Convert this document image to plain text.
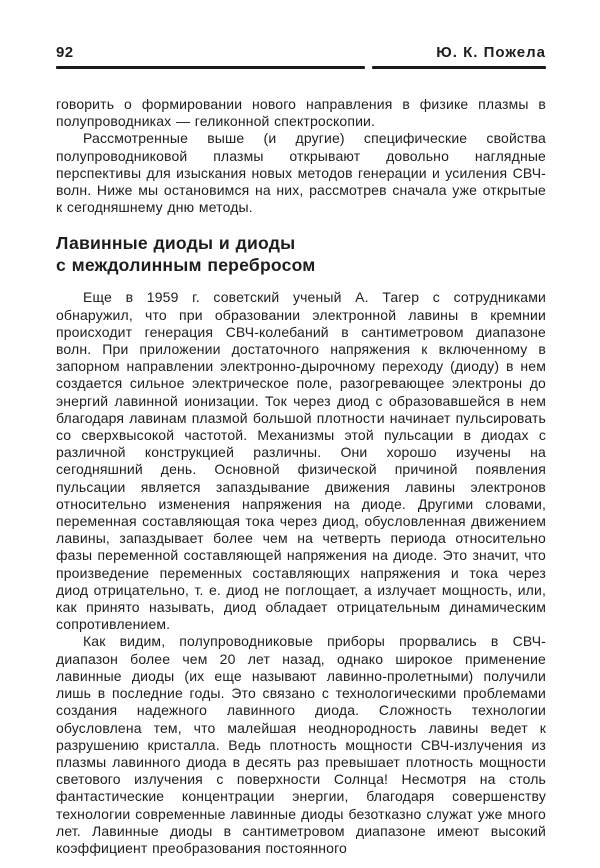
92	Ю. К. Пожела

говорить о формировании нового направления в физике плазмы в полупроводниках — геликонной спектроскопии.

Рассмотренные выше (и другие) специфические свойства полупроводниковой плазмы открывают довольно наглядные перспективы для изыскания новых методов генерации и усиления СВЧ-волн. Ниже мы остановимся на них, рассмотрев сначала уже открытые к сегодняшнему дню методы.

Лавинные диоды и диоды
с междолинным перебросом

Еще в 1959 г. советский ученый А. Тагер с сотрудниками обнаружил, что при образовании электронной лавины в кремнии происходит генерация СВЧ-колебаний в сантиметровом диапазоне волн. При приложении достаточного напряжения к включенному в запорном направлении электронно-дырочному переходу (диоду) в нем создается сильное электрическое поле, разогревающее электроны до энергий лавинной ионизации. Ток через диод с образовавшейся в нем благодаря лавинам плазмой большой плотности начинает пульсировать со сверхвысокой частотой. Механизмы этой пульсации в диодах с различной конструкцией различны. Они хорошо изучены на сегодняшний день. Основной физической причиной появления пульсации является запаздывание движения лавины электронов относительно изменения напряжения на диоде. Другими словами, переменная составляющая тока через диод, обусловленная движением лавины, запаздывает более чем на четверть периода относительно фазы переменной составляющей напряжения на диоде. Это значит, что произведение переменных составляющих напряжения и тока через диод отрицательно, т. е. диод не поглощает, а излучает мощность, или, как принято называть, диод обладает отрицательным динамическим сопротивлением.

Как видим, полупроводниковые приборы прорвались в СВЧ-диапазон более чем 20 лет назад, однако широкое применение лавинные диоды (их еще называют лавинно-пролетными) получили лишь в последние годы. Это связано с технологическими проблемами создания надежного лавинного диода. Сложность технологии обусловлена тем, что малейшая неоднородность лавины ведет к разрушению кристалла. Ведь плотность мощности СВЧ-излучения из плазмы лавинного диода в десять раз превышает плотность мощности светового излучения с поверхности Солнца! Несмотря на столь фантастические концентрации энергии, благодаря совершенству технологии современные лавинные диоды безотказно служат уже много лет. Лавинные диоды в сантиметровом диапазоне имеют высокий коэффициент преобразования постоянного
